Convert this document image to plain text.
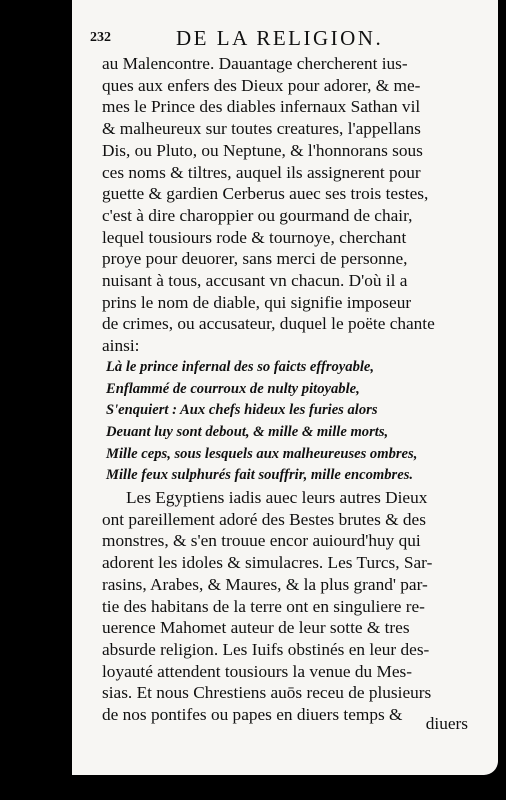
232	DE LA RELIGION.
au Malencontre. Dauantage chercherent ius-
ques aux enfers des Dieux pour adorer, & me-
mes le Prince des diables infernaux Sathan vil
& malheureux sur toutes creatures, l'appellans
Dis, ou Pluto, ou Neptune, & l'honnorans sous
ces noms & tiltres, auquel ils assignerent pour
guette & gardien Cerberus auec ses trois testes,
c'est à dire charoppier ou gourmand de chair,
lequel tousiours rode & tournoye, cherchant
proye pour deuorer, sans merci de personne,
nuisant à tous, accusant vn chacun. D'où il a
prins le nom de diable, qui signifie imposeur
de crimes, ou accusateur, duquel le poëte chante
ainsi:
Là le prince infernal des so faicts effroyable,
Enflammé de courroux de nulty pitoyable,
S'enquiert : Aux chefs hideux les furies alors
Deuant luy sont debout, & mille & mille morts,
Mille ceps, sous lesquels aux malheureuses ombres,
Mille feux sulphurés fait souffrir, mille encombres.
Les Egyptiens iadis auec leurs autres Dieux
ont pareillement adoré des Bestes brutes & des
monstres, & s'en trouue encor auiourd'huy qui
adorent les idoles & simulacres. Les Turcs, Sar-
rasins, Arabes, & Maures, & la plus grand' par-
tie des habitans de la terre ont en singuliere re-
uerence Mahomet auteur de leur sotte & tres
absurde religion. Les Iuifs obstinés en leur des-
loyauté attendent tousiours la venue du Mes-
sias. Et nous Chrestiens auōs receu de plusieurs
de nos pontifes ou papes en diuers temps &	diuers
